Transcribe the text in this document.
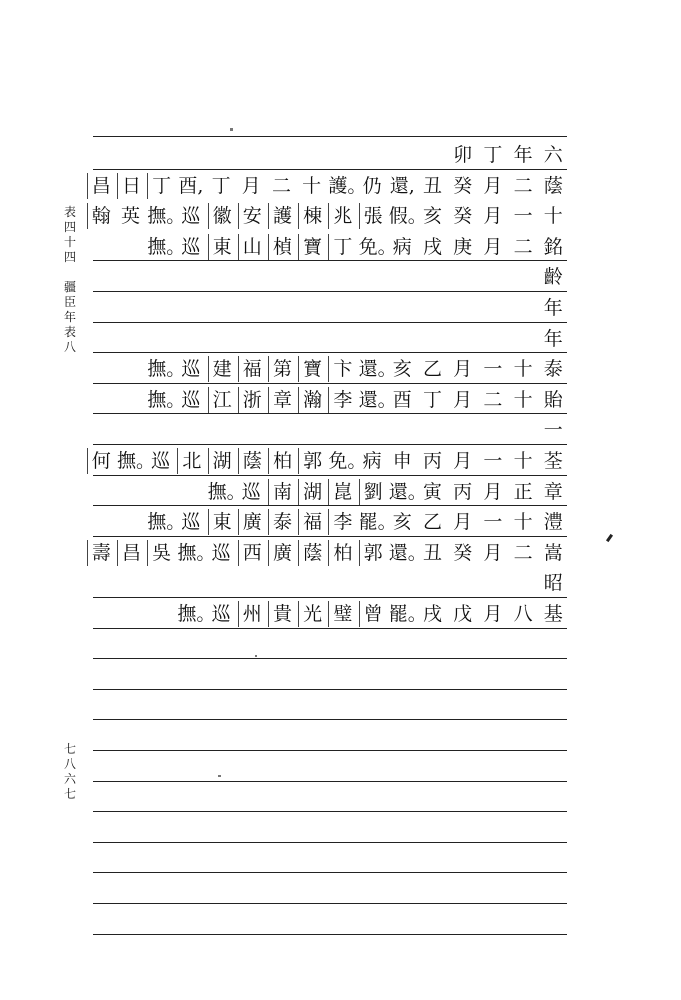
表
四
十
四
疆
臣
年
表
八
七
八
六
七
卯 丁 年 六
昌 日 丁 酉, 丁 月 二 十 護。
仍 還, 丑 癸 月 二 蔭
翰 英 撫。
巡 徽 安 護 棟 兆 張 假。
亥 癸 月 一 十
撫。
巡 東 山 楨 寶 丁 免。
病 戌 庚 月 二 銘
齡
年
年
撫。
巡 建 福 第 寶 卞 還。
亥 乙 月 一 十 泰
撫。
巡 江 浙 章 瀚 李 還。
酉 丁 月 二 十 貽
一
何 撫。
巡 北 湖 蔭 柏 郭 免。
病 申 丙 月 一 十 荃
撫。
巡 南 湖 崑 劉 還。
寅 丙 月 正 章
撫。
巡 東 廣 泰 福 李 罷。
亥 乙 月 一 十 澧
壽 昌 吳 撫。
巡 西 廣 蔭 柏 郭 還。
丑 癸 月 二 嵩
昭
撫。
巡 州 貴 光 璧 曾 罷。
戌 戊 月 八 基
